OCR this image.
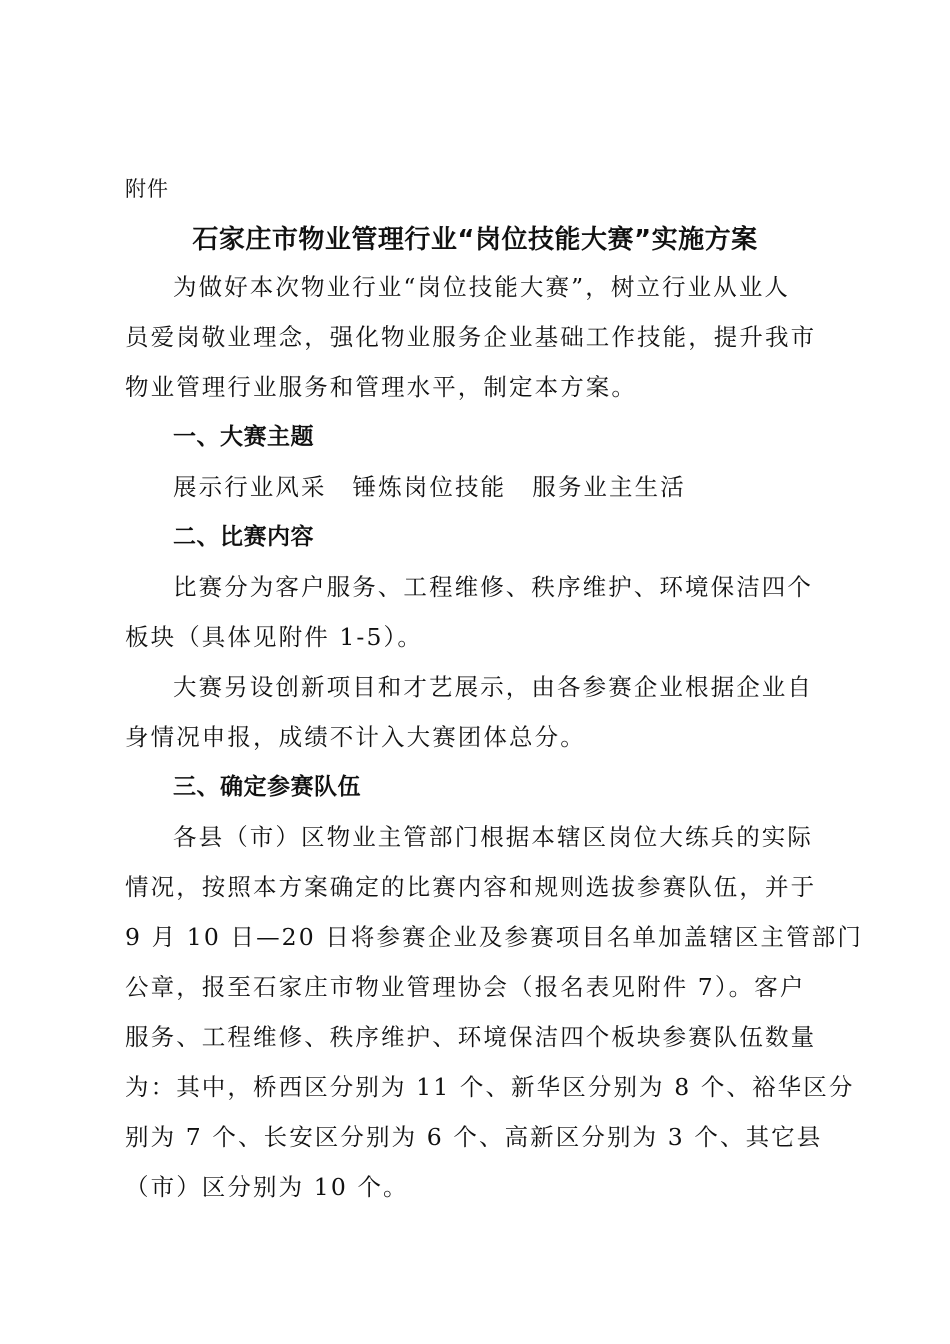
附件
石家庄市物业管理行业“岗位技能大赛”实施方案
为做好本次物业行业“岗位技能大赛”，树立行业从业人
员爱岗敬业理念，强化物业服务企业基础工作技能，提升我市
物业管理行业服务和管理水平，制定本方案。
一、大赛主题
展示行业风采 锤炼岗位技能 服务业主生活
二、比赛内容
比赛分为客户服务、工程维修、秩序维护、环境保洁四个
板块（具体见附件 1-5）。
大赛另设创新项目和才艺展示，由各参赛企业根据企业自
身情况申报，成绩不计入大赛团体总分。
三、确定参赛队伍
各县（市）区物业主管部门根据本辖区岗位大练兵的实际
情况，按照本方案确定的比赛内容和规则选拔参赛队伍，并于
9 月 10 日—20 日将参赛企业及参赛项目名单加盖辖区主管部门
公章，报至石家庄市物业管理协会（报名表见附件 7）。客户
服务、工程维修、秩序维护、环境保洁四个板块参赛队伍数量
为：其中，桥西区分别为 11 个、新华区分别为 8 个、裕华区分
别为 7 个、长安区分别为 6 个、高新区分别为 3 个、其它县
（市）区分别为 10 个。
